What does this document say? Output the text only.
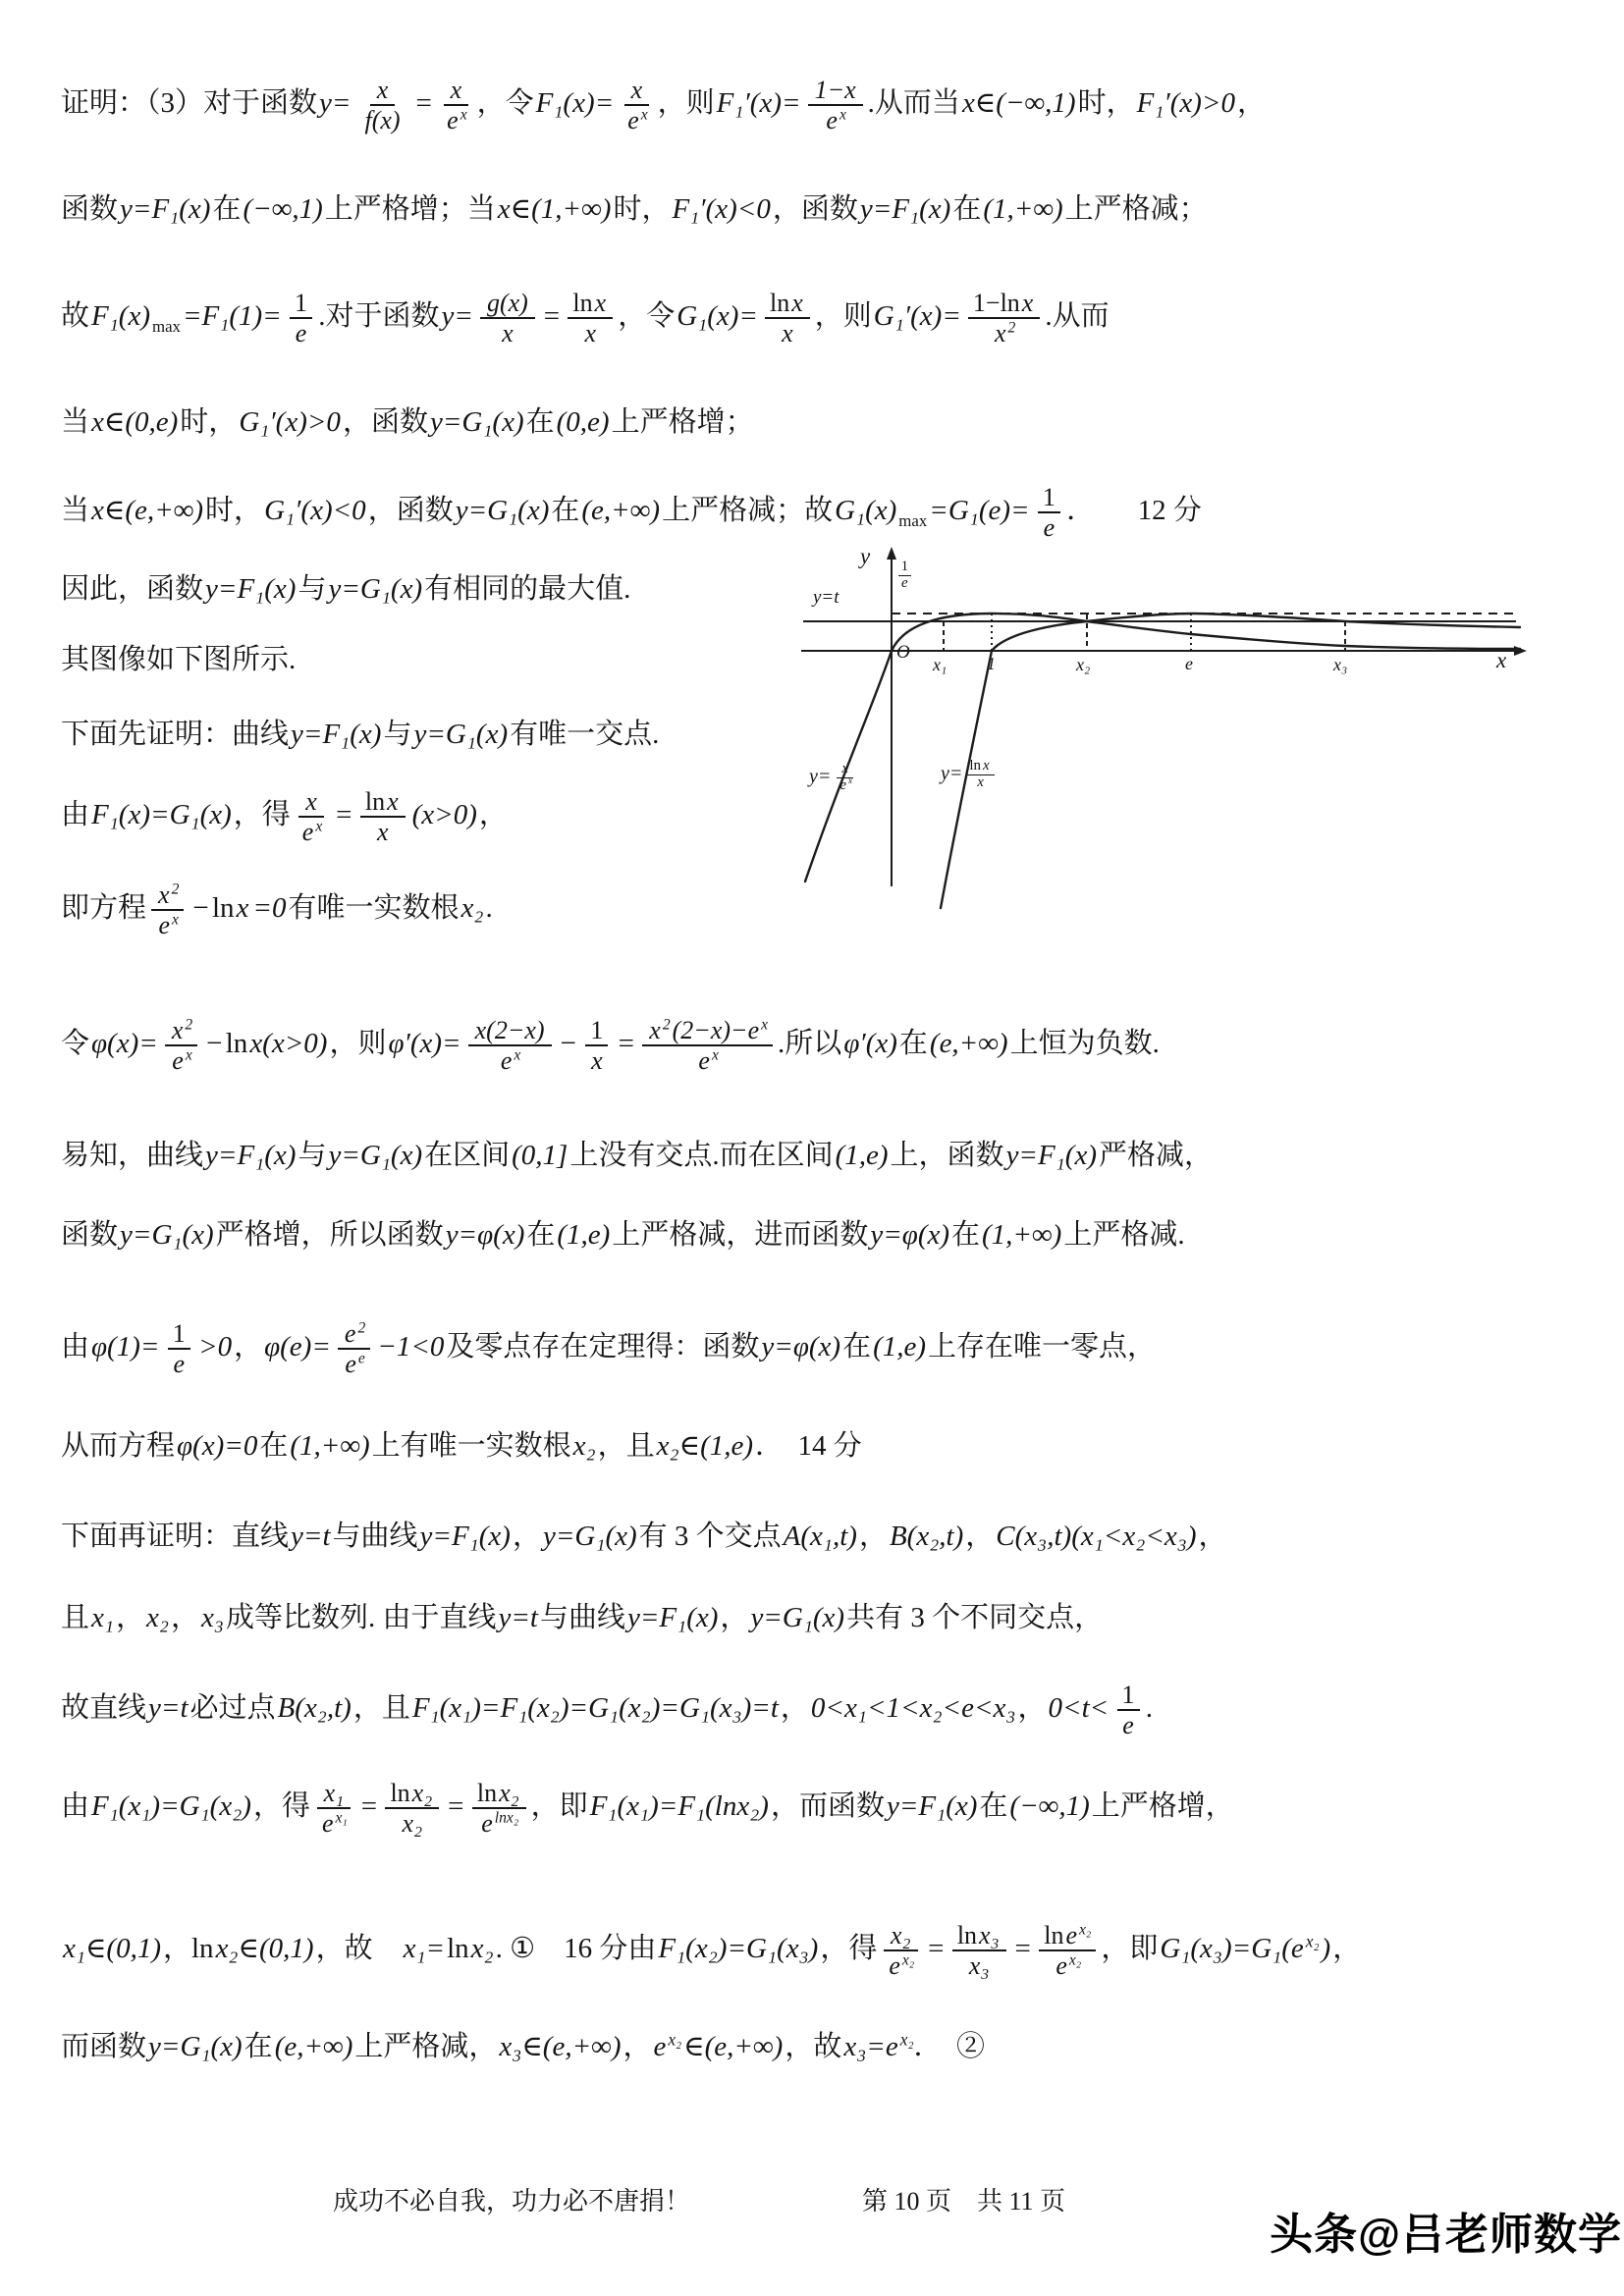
证明：（3）对于函数$y= \frac{x}{f(x)} = \frac{x}{e ^x}$ ，令$F_1(x)= \frac{x}{e ^x}$ ，则$F_1'(x)= \frac{1-x}{e ^x}$ .从而当x∈(−∞,1)时，F₁′(x)>0，
函数y=F₁(x)在(−∞,1)上严格增；当x∈(1,+∞)时，F₁′(x)<0，函数y=F₁(x)在(1,+∞)上严格减；
故F₁(x) $_{max}=F_1(1)= \frac{1}{e}$ .对于函数$y= \frac{g(x)}{x} = \frac{\ln x}{x}$ ，令$G_1(x)= \frac{\ln x}{x}$ ，则$G_1'(x)= \frac{1-\ln x}{x ^2}$ .从而
当x∈(0,e)时，G₁′(x)>0，函数y=G₁(x)在(0,e)上严格增；
当x∈(e,+∞)时，G₁′(x)<0，函数y=G₁(x)在(e,+∞)上严格减；故G₁(x) $_{max}=G_1(e)= \frac{1}{e}$ ．　　12 分
因此，函数y=F₁(x)与y=G₁(x)有相同的最大值.
其图像如下图所示.
下面先证明：曲线y=F₁(x)与y=G₁(x)有唯一交点.
由F₁(x)=G₁(x)，得 $\frac{x}{e ^x} = \frac{\ln x}{x} (x>0)$，
即方程 $\frac{x ^2}{e ^x} -\ln x =0$有唯一实数根x₂.
令$\varphi(x)= \frac{x ^2}{e ^x} -\ln x(x>0)$，则$\varphi'(x)= \frac{x(2-x)}{e ^x} - \frac{1}{x} = \frac{x ^2(2-x)-e ^x}{e ^x}$ .所以φ′(x)在(e,+∞)上恒为负数.
易知，曲线y=F₁(x)与y=G₁(x)在区间(0,1]上没有交点.而在区间(1,e)上，函数y=F₁(x)严格减，
函数y=G₁(x)严格增，所以函数y=φ(x)在(1,e)上严格减，进而函数y=φ(x)在(1,+∞)上严格减.
由$\varphi(1)= \frac{1}{e} >0$，$\varphi(e)= \frac{e ^2}{e ^e} -1<0$及零点存在定理得：函数y=φ(x)在(1,e)上存在唯一零点，
从而方程φ(x)=0在(1,+∞)上有唯一实数根x₂，且x₂∈(1,e)．　14 分
下面再证明：直线y=t与曲线y=F₁(x)，y=G₁(x)有 3 个交点A(x₁,t)，B(x₂,t)，C(x₃,t)(x₁<x₂<x₃)，
且x₁，x₂，x₃成等比数列. 由于直线y=t与曲线y=F₁(x)，y=G₁(x)共有 3 个不同交点，
故直线y=t必过点B(x₂,t)，且F₁(x₁)=F₁(x₂)=G₁(x₂)=G₁(x₃)=t，0<x₁<1<x₂<e<x₃，$0<t< \frac{1}{e}$ .
由F₁(x₁)=G₁(x₂)，得 $\frac{\text{x₁}}{e ^{x_1}} = \frac{\text{lnx₂}}{\text{x₂}} = \frac{\text{lnx₂}}{e ^{lnx_2}}$ ，即F₁(x₁)=F₁(lnx₂)，而函数y=F₁(x)在(−∞,1)上严格增，
x₁∈(0,1)，lnx₂∈(0,1)，故　x₁=lnx₂. ①　16 分由F₁(x₂)=G₁(x₃)，得 $\frac{\text{x₂}}{e ^{x_2}} = \frac{\text{lnx₃}}{\text{x₃}} = \frac{\ln e ^{x_2}}{e ^{x_2}}$ ，即G₁(x₃)=G₁(e $^{x_2}$)，
而函数y=G₁(x)在(e,+∞)上严格减，x₃∈(e,+∞)，e $^{x_2}$∈(e,+∞)，故x₃=e $^{x_2}$．　②
y
x
O
y=t
$\frac{1}{e}$
x₁ 1	x₂	e	x₃
$y= \frac{x}{e ^x}$	$y= \frac{\text{ln x}}{x}$
成功不必自我，功力必不唐捐！	第 10 页　共 11 页
头条@吕老师数学
